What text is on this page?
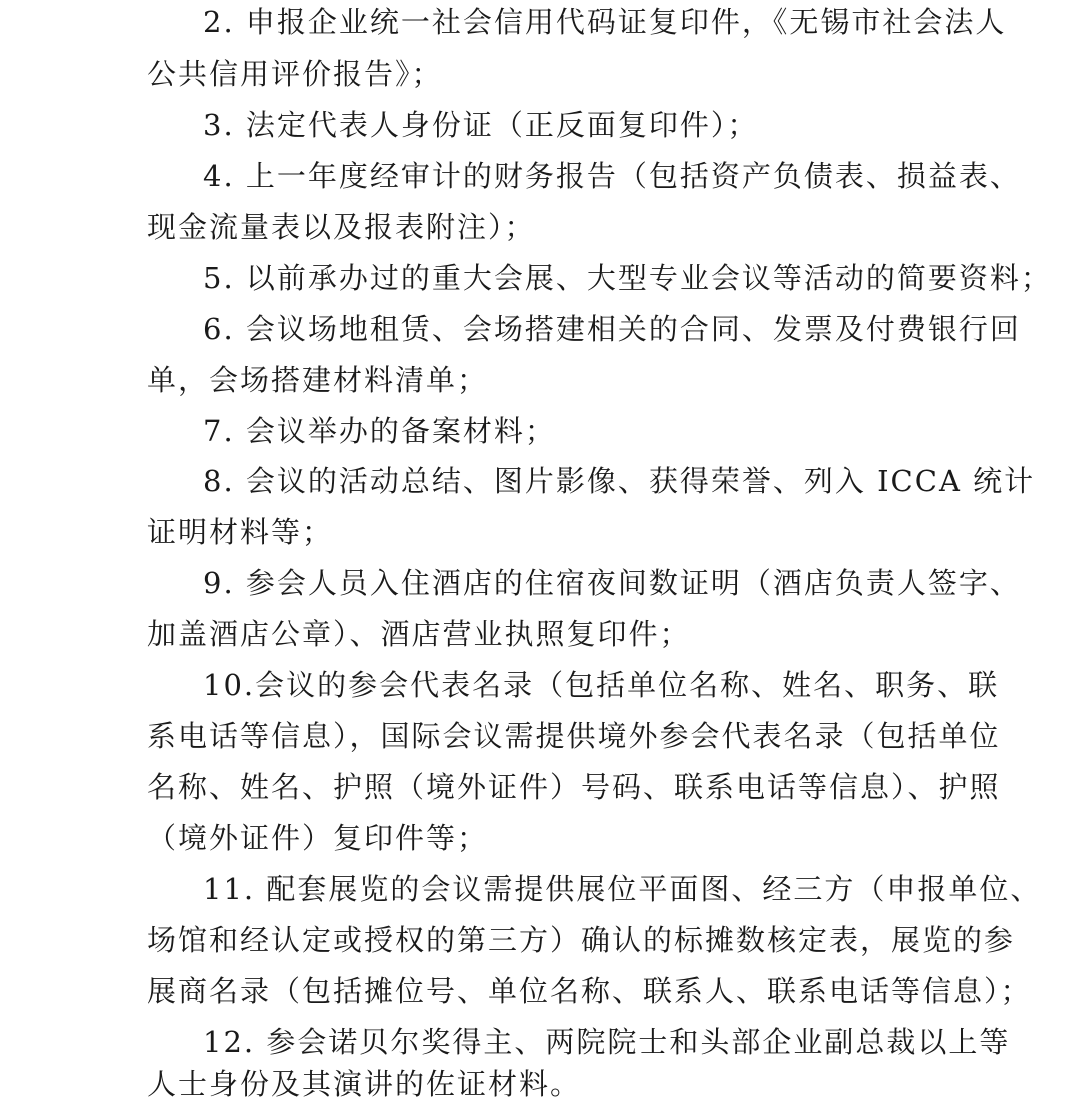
2. 申报企业统一社会信用代码证复印件，《无锡市社会法人
公共信用评价报告》；
3. 法定代表人身份证（正反面复印件）；
4. 上一年度经审计的财务报告（包括资产负债表、损益表、
现金流量表以及报表附注）；
5. 以前承办过的重大会展、大型专业会议等活动的简要资料；
6. 会议场地租赁、会场搭建相关的合同、发票及付费银行回
单，会场搭建材料清单；
7. 会议举办的备案材料；
8. 会议的活动总结、图片影像、获得荣誉、列入 ICCA 统计
证明材料等；
9. 参会人员入住酒店的住宿夜间数证明（酒店负责人签字、
加盖酒店公章）、酒店营业执照复印件；
10.会议的参会代表名录（包括单位名称、姓名、职务、联
系电话等信息），国际会议需提供境外参会代表名录（包括单位
名称、姓名、护照（境外证件）号码、联系电话等信息）、护照
（境外证件）复印件等；
11. 配套展览的会议需提供展位平面图、经三方（申报单位、
场馆和经认定或授权的第三方）确认的标摊数核定表，展览的参
展商名录（包括摊位号、单位名称、联系人、联系电话等信息）；
12. 参会诺贝尔奖得主、两院院士和头部企业副总裁以上等
人士身份及其演讲的佐证材料。
